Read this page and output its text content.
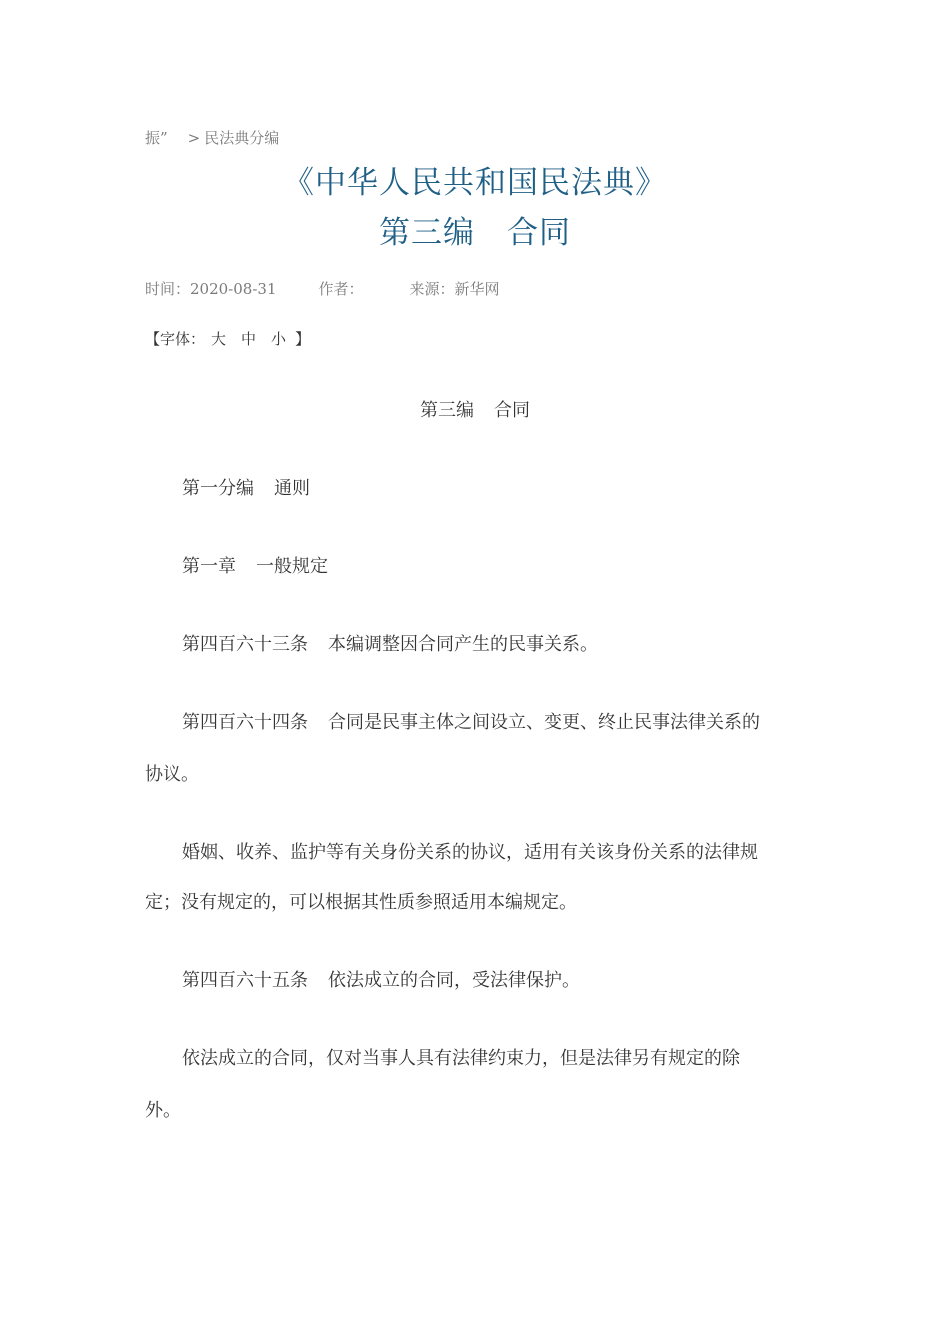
振” > 民法典分编
《中华人民共和国民法典》
第三编 合同
时间：2020-08-31	作者：	来源：新华网
【字体： 大 中 小 】
第三编 合同
第一分编 通则
第一章 一般规定
第四百六十三条 本编调整因合同产生的民事关系。
第四百六十四条 合同是民事主体之间设立、变更、终止民事法律关系的
协议。
婚姻、收养、监护等有关身份关系的协议，适用有关该身份关系的法律规
定；没有规定的，可以根据其性质参照适用本编规定。
第四百六十五条 依法成立的合同，受法律保护。
依法成立的合同，仅对当事人具有法律约束力，但是法律另有规定的除
外。
